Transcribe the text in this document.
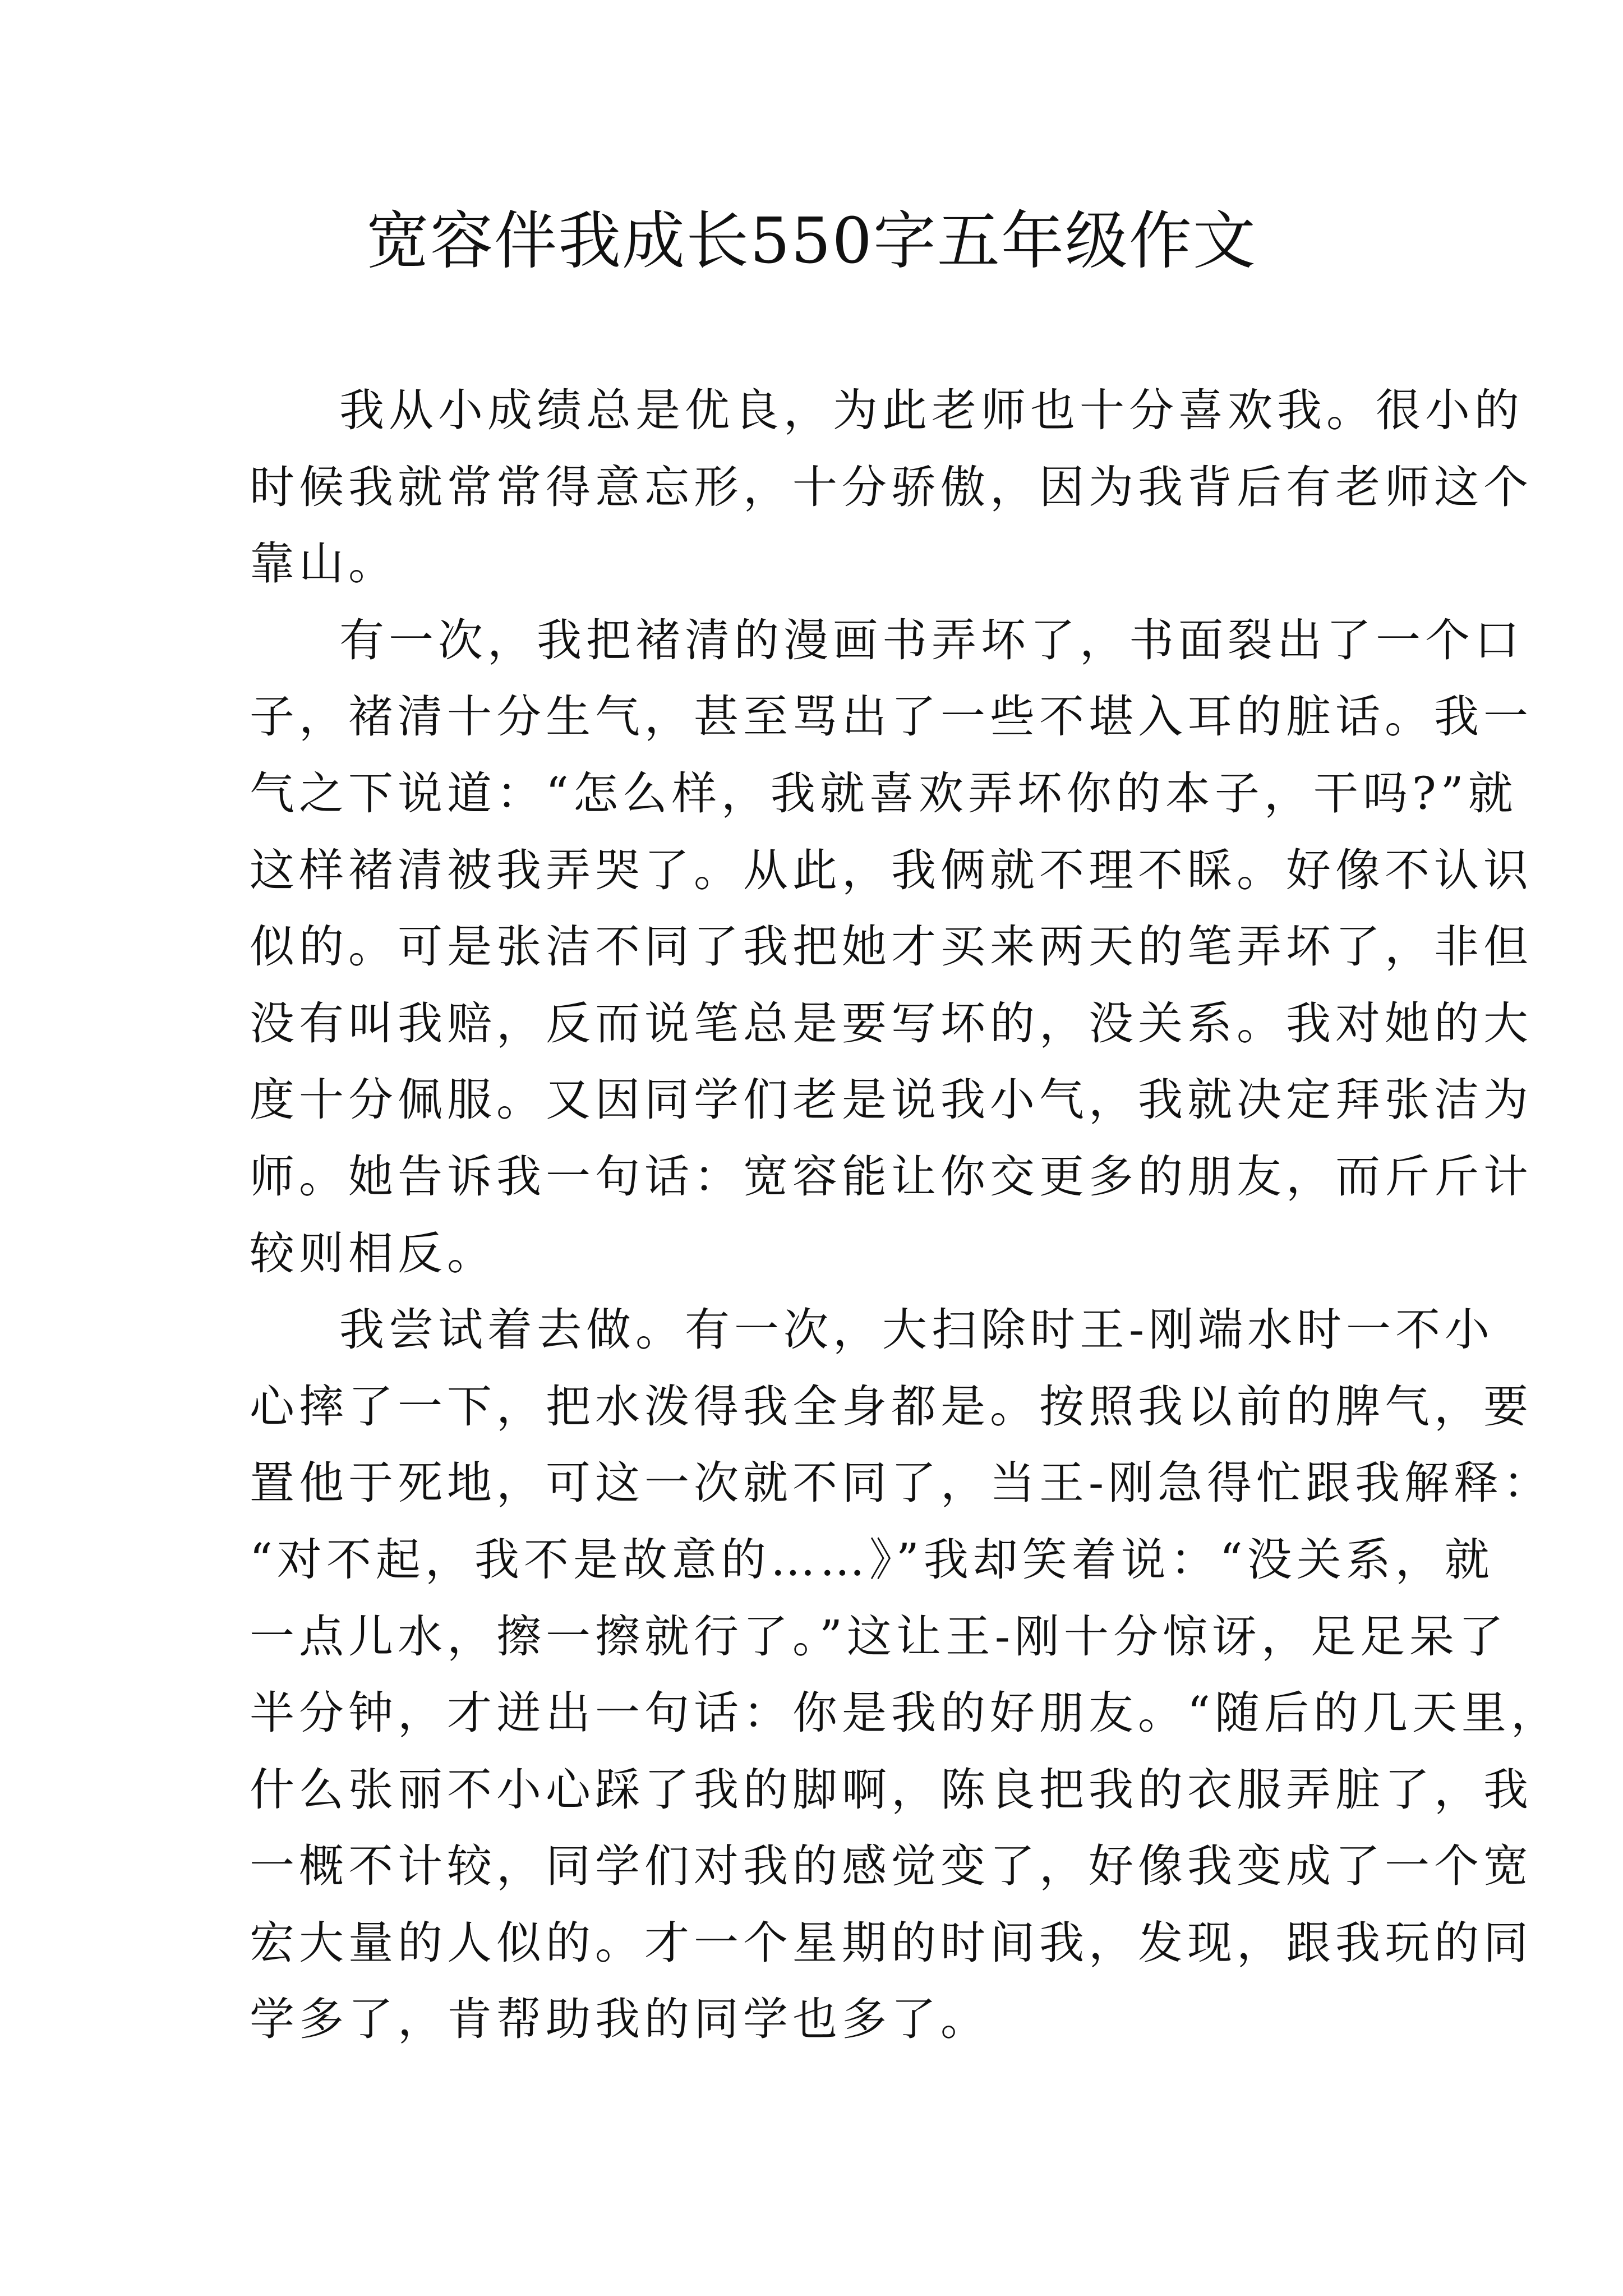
宽容伴我成长550字五年级作文
我从小成绩总是优良，为此老师也十分喜欢我。很小的
时候我就常常得意忘形，十分骄傲，因为我背后有老师这个
靠山。
有一次，我把褚清的漫画书弄坏了，书面裂出了一个口
子，褚清十分生气，甚至骂出了一些不堪入耳的脏话。我一
气之下说道：“怎么样，我就喜欢弄坏你的本子，干吗?”就
这样褚清被我弄哭了。从此，我俩就不理不睬。好像不认识
似的。可是张洁不同了我把她才买来两天的笔弄坏了，非但
没有叫我赔，反而说笔总是要写坏的，没关系。我对她的大
度十分佩服。又因同学们老是说我小气，我就决定拜张洁为
师。她告诉我一句话：宽容能让你交更多的朋友，而斤斤计
较则相反。
我尝试着去做。有一次，大扫除时王-刚端水时一不小
心摔了一下，把水泼得我全身都是。按照我以前的脾气，要
置他于死地，可这一次就不同了，当王-刚急得忙跟我解释：
“对不起，我不是故意的……》”我却笑着说：“没关系，就
一点儿水，擦一擦就行了。”这让王-刚十分惊讶，足足呆了
半分钟，才迸出一句话：你是我的好朋友。“随后的几天里，
什么张丽不小心踩了我的脚啊，陈良把我的衣服弄脏了，我
一概不计较，同学们对我的感觉变了，好像我变成了一个宽
宏大量的人似的。才一个星期的时间我，发现，跟我玩的同
学多了，肯帮助我的同学也多了。
